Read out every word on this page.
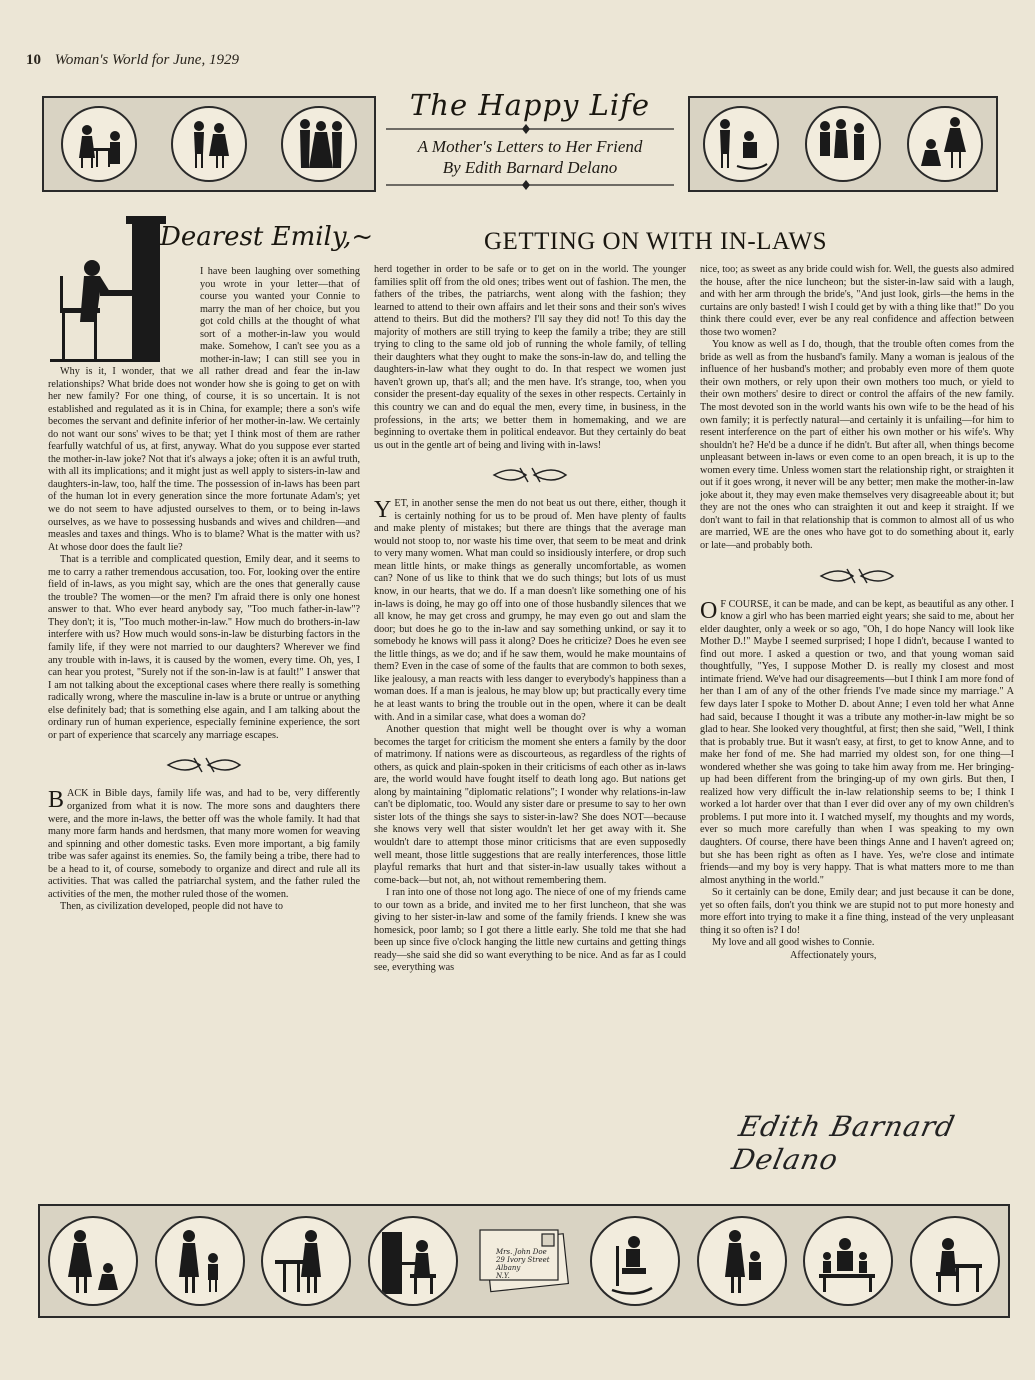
10 Woman's World for June, 1929
The Happy Life
A Mother's Letters to Her Friend
By Edith Barnard Delano
Dearest Emily,~	GETTING ON WITH IN-LAWS

I have been laughing over something you wrote in your letter—that of course you wanted your Connie to marry the man of her choice, but you got cold chills at the thought of what sort of a mother-in-law you would make. Somehow, I can't see you as a mother-in-law; I can still see you in

Why is it, I wonder, that we all rather dread and fear the in-law relationships? What bride does not wonder how she is going to get on with her new family? For one thing, of course, it is so uncertain. It is not established and regulated as it is in China, for example; there a son's wife becomes the servant and definite inferior of her mother-in-law. We certainly do not want our sons' wives to be that; yet I think most of them are rather fearfully watchful of us, at first, anyway. What do you suppose ever started the mother-in-law joke? Not that it's always a joke; often it is an awful truth, with all its implications; and it might just as well apply to sisters-in-law and daughters-in-law, too, half the time. The possession of in-laws has been part of the human lot in every generation since the more fortunate Adam's; yet we do not seem to have adjusted ourselves to them, or to being in-laws ourselves, as we have to possessing husbands and wives and children—and measles and taxes and things. Who is to blame? What is the matter with us? At whose door does the fault lie?

That is a terrible and complicated question, Emily dear, and it seems to me to carry a rather tremendous accusation, too. For, looking over the entire field of in-laws, as you might say, which are the ones that generally cause the trouble? The women—or the men? I'm afraid there is only one honest answer to that. Who ever heard anybody say, "Too much father-in-law"? They don't; it is, "Too much mother-in-law." How much do brothers-in-law interfere with us? How much would sons-in-law be disturbing factors in the family life, if they were not married to our daughters? Wherever we find any trouble with in-laws, it is caused by the women, every time. Oh, yes, I can hear you protest, "Surely not if the son-in-law is at fault!" I answer that I am not talking about the exceptional cases where there really is something radically wrong, where the masculine in-law is a brute or untrue or anything else definitely bad; that is something else again, and I am talking about the ordinary run of human experience, especially feminine experience, the sort or part of experience that scarcely any marriage escapes.

BACK in Bible days, family life was, and had to be, very differently organized from what it is now. The more sons and daughters there were, and the more in-laws, the better off was the whole family. It had that many more farm hands and herdsmen, that many more women for weaving and spinning and other domestic tasks. Even more important, a big family tribe was safer against its enemies. So, the family being a tribe, there had to be a head to it, of course, somebody to organize and direct and rule all its activities. That was called the patriarchal system, and the father ruled the activities of the men, the mother ruled those of the women.

Then, as civilization developed, people did not have to

herd together in order to be safe or to get on in the world. The younger families split off from the old ones; tribes went out of fashion. The men, the fathers of the tribes, the patriarchs, went along with the fashion; they learned to attend to their own affairs and let their sons and their son's wives attend to theirs. But did the mothers? I'll say they did not! To this day the majority of mothers are still trying to keep the family a tribe; they are still trying to cling to the same old job of running the whole family, of telling their daughters what they ought to make the sons-in-law do, and telling the daughters-in-law what they ought to do. In that respect we women just haven't grown up, that's all; and the men have. It's strange, too, when you consider the present-day equality of the sexes in other respects. Certainly in this country we can and do equal the men, every time, in business, in the professions, in the arts; we better them in homemaking, and we are beginning to overtake them in political endeavor. But they certainly do beat us out in the gentle art of being and living with in-laws!

YET, in another sense the men do not beat us out there, either, though it is certainly nothing for us to be proud of. Men have plenty of faults and make plenty of mistakes; but there are things that the average man would not stoop to, nor waste his time over, that seem to be meat and drink to very many women. What man could so insidiously interfere, or drop such mean little hints, or make things as generally uncomfortable, as women can? None of us like to think that we do such things; but lots of us must know, in our hearts, that we do. If a man doesn't like something one of his in-laws is doing, he may go off into one of those husbandly silences that we all know, he may get cross and grumpy, he may even go out and slam the door; but does he go to the in-law and say something unkind, or say it to somebody he knows will pass it along? Does he criticize? Does he even see the little things, as we do; and if he saw them, would he make mountains of them? Even in the case of some of the faults that are common to both sexes, like jealousy, a man reacts with less danger to everybody's happiness than a woman does. If a man is jealous, he may blow up; but practically every time he at least wants to bring the trouble out in the open, where it can be dealt with. And in a similar case, what does a woman do?

Another question that might well be thought over is why a woman becomes the target for criticism the moment she enters a family by the door of matrimony. If nations were as discourteous, as regardless of the rights of others, as quick and plain-spoken in their criticisms of each other as in-laws are, the world would have fought itself to death long ago. But nations get along by maintaining "diplomatic relations"; I wonder why relations-in-law can't be diplomatic, too. Would any sister dare or presume to say to her own sister lots of the things she says to sister-in-law? She does NOT—because she knows very well that sister wouldn't let her get away with it. She wouldn't dare to attempt those minor criticisms that are even supposedly well meant, those little suggestions that are really interferences, those little playful remarks that hurt and that sister-in-law usually takes without a come-back—but not, ah, not without remembering them.

I ran into one of those not long ago. The niece of one of my friends came to our town as a bride, and invited me to her first luncheon, that she was giving to her sister-in-law and some of the family friends. I knew she was homesick, poor lamb; so I got there a little early. She told me that she had been up since five o'clock hanging the little new curtains and getting things ready—she said she did so want everything to be nice. And as far as I could see, everything was

nice, too; as sweet as any bride could wish for. Well, the guests also admired the house, after the nice luncheon; but the sister-in-law said with a laugh, and with her arm through the bride's, "And just look, girls—the hems in the curtains are only basted! I wish I could get by with a thing like that!" Do you think there could ever, ever be any real confidence and affection between those two women?

You know as well as I do, though, that the trouble often comes from the bride as well as from the husband's family. Many a woman is jealous of the influence of her husband's mother; and probably even more of them quote their own mothers, or rely upon their own mothers too much, or yield to their own mothers' desire to direct or control the affairs of the new family. The most devoted son in the world wants his own wife to be the head of his own family; it is perfectly natural—and certainly it is unfailing—for him to resent interference on the part of either his own mother or his wife's. Why shouldn't he? He'd be a dunce if he didn't. But after all, when things become unpleasant between in-laws or even come to an open breach, it is up to the women every time. Unless women start the relationship right, or straighten it out if it goes wrong, it never will be any better; men make the mother-in-law joke about it, they may even make themselves very disagreeable about it; but they are not the ones who can straighten it out and keep it straight. If we don't want to fail in that relationship that is common to almost all of us who are married, WE are the ones who have got to do something about it, early or late—and probably both.

O F COURSE, it can be made, and can be kept, as beautiful as any other. I know a girl who has been married eight years; she said to me, about her elder daughter, only a week or so ago, "Oh, I do hope Nancy will look like Mother D.!" Maybe I seemed surprised; I hope I didn't, because I wanted to find out more. I asked a question or two, and that young woman said thoughtfully, "Yes, I suppose Mother D. is really my closest and most intimate friend. We've had our disagreements—but I think I am more fond of her than I am of any of the other friends I've made since my marriage." A few days later I spoke to Mother D. about Anne; I even told her what Anne had said, because I thought it was a tribute any mother-in-law might be so glad to hear. She looked very thoughtful, at first; then she said, "Well, I think that is probably true. But it wasn't easy, at first, to get to know Anne, and to make her fond of me. She had married my oldest son, for one thing—I wondered whether she was going to take him away from me. Her bringing-up had been different from the bringing-up of my own girls. But then, I realized how very difficult the in-law relationship seems to be; I think I worked a lot harder over that than I ever did over any of my own children's problems. I put more into it. I watched myself, my thoughts and my words, ever so much more carefully than when I was speaking to my own daughters. Of course, there have been things Anne and I haven't agreed on; but she has been right as often as I have. Yes, we're close and intimate friends—and my boy is very happy. That is what matters more to me than almost anything in the world."

So it certainly can be done, Emily dear; and just because it can be done, yet so often fails, don't you think we are stupid not to put more honesty and more effort into trying to make it a fine thing, instead of the very unpleasant thing it so often is? I do!

My love and all good wishes to Connie.

Affectionately yours,

Edith Barnard Delano
Mrs. John Doe
29 Ivory Street
Albany
N.Y.
